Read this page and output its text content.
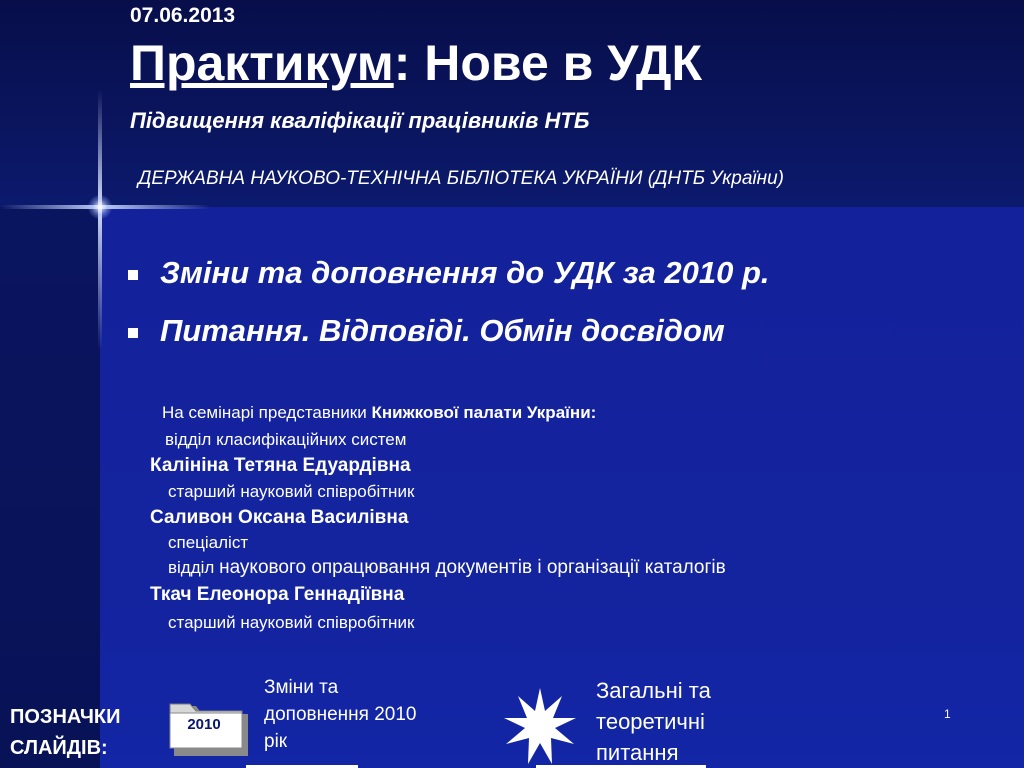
07.06.2013
Практикум: Нове в УДК
Підвищення кваліфікації працівників НТБ
ДЕРЖАВНА НАУКОВО-ТЕХНІЧНА БІБЛІОТЕКА УКРАЇНИ (ДНТБ України)
Зміни та доповнення до УДК за 2010 р.
Питання. Відповіді. Обмін досвідом
На семінарі представники Книжкової палати України:
відділ класифікаційних систем
Калініна Тетяна Едуардівна
старший науковий співробітник
Саливон Оксана Василівна
спеціаліст
відділ наукового опрацювання документів і організації каталогів
Ткач Елеонора Геннадіївна
старший науковий співробітник
ПОЗНАЧКИ
СЛАЙДІВ:
2010
Зміни та
доповнення 2010
рік
Загальні та
теоретичні
питання
1
